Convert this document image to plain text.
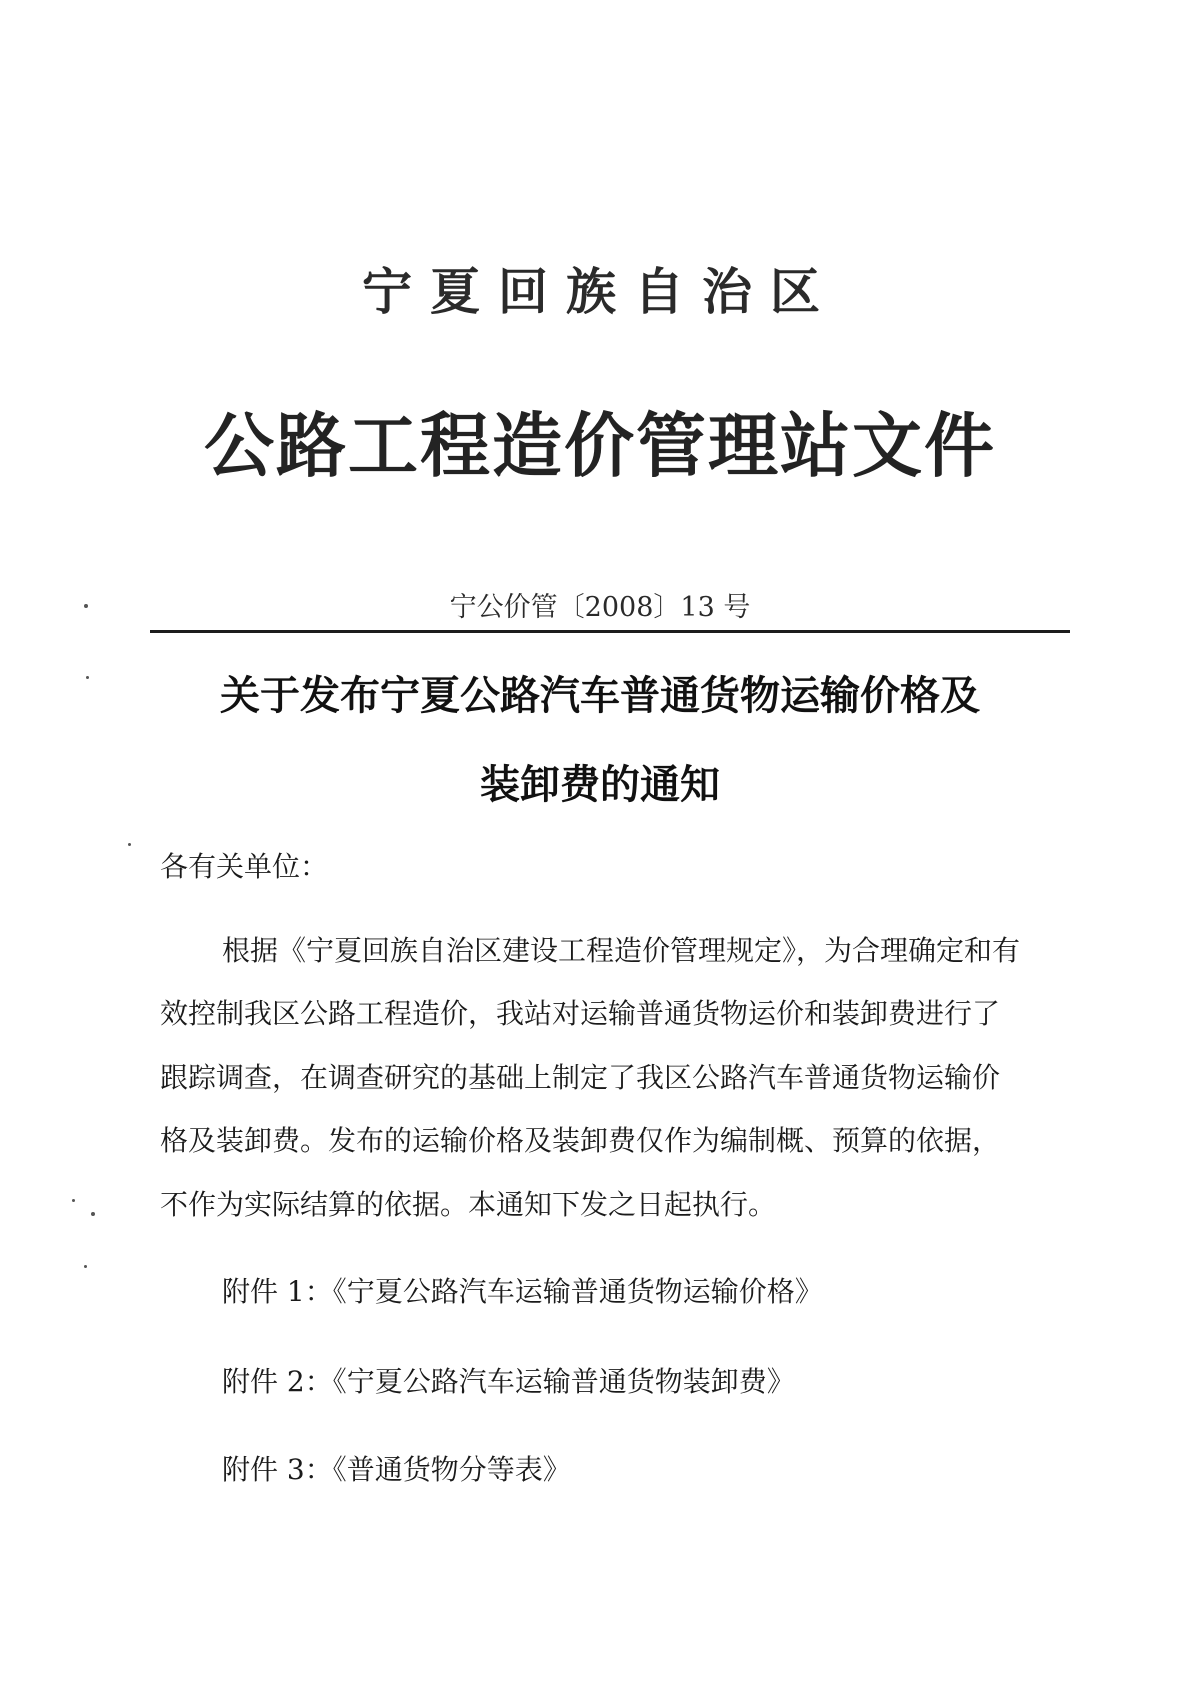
宁夏回族自治区
公路工程造价管理站文件
宁公价管〔2008〕13 号
关于发布宁夏公路汽车普通货物运输价格及
装卸费的通知
各有关单位：
根据《宁夏回族自治区建设工程造价管理规定》，为合理确定和有
效控制我区公路工程造价，我站对运输普通货物运价和装卸费进行了
跟踪调查，在调查研究的基础上制定了我区公路汽车普通货物运输价
格及装卸费。发布的运输价格及装卸费仅作为编制概、预算的依据，
不作为实际结算的依据。本通知下发之日起执行。
附件 1：《宁夏公路汽车运输普通货物运输价格》
附件 2：《宁夏公路汽车运输普通货物装卸费》
附件 3：《普通货物分等表》
